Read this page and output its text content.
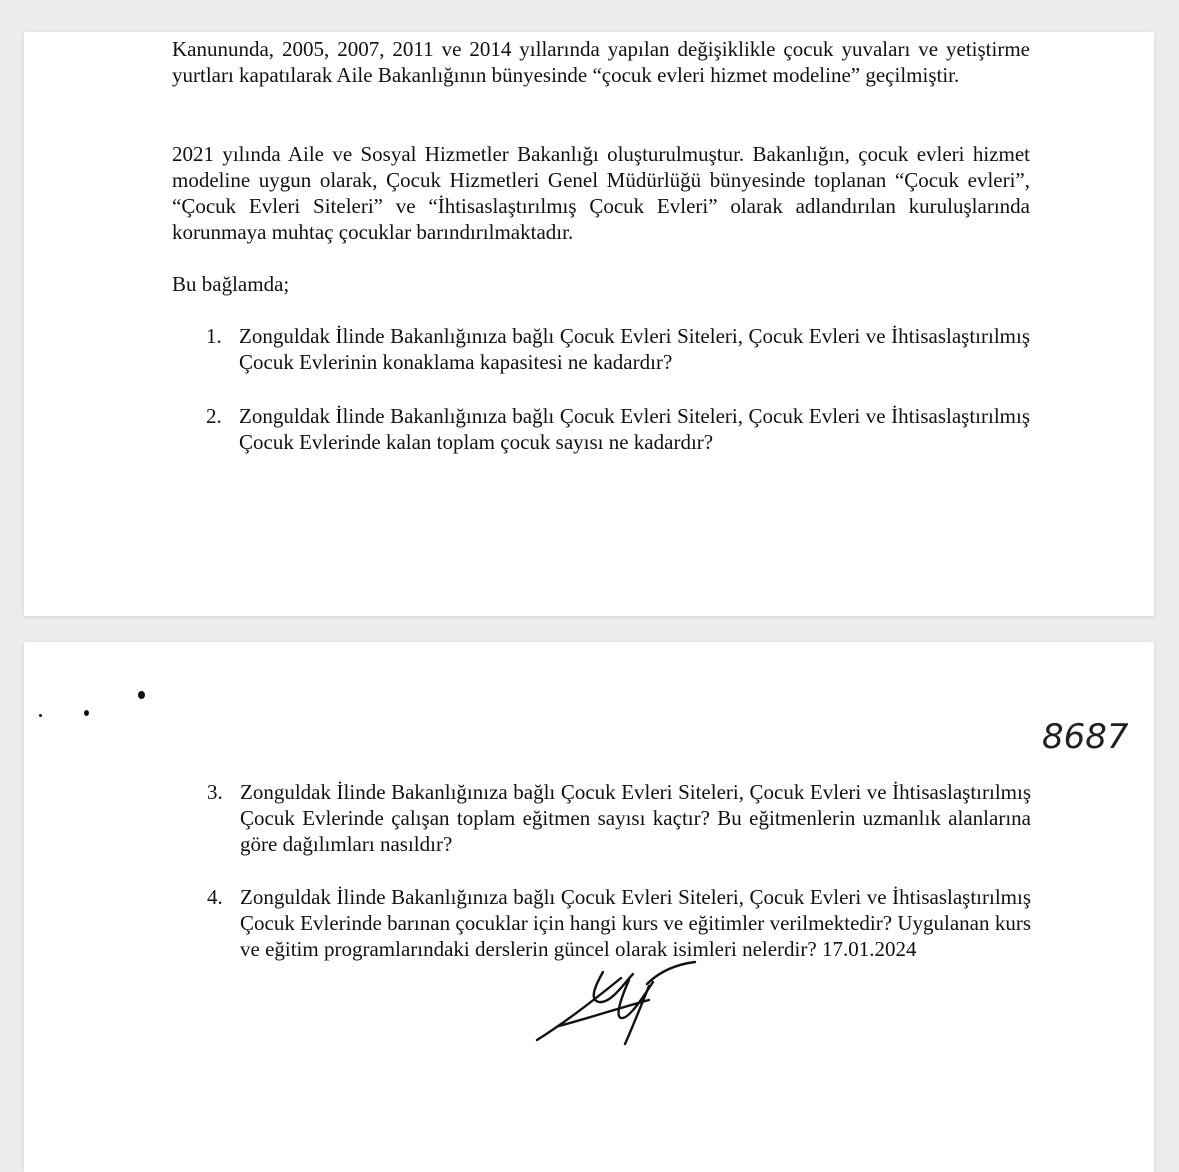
Kanununda, 2005, 2007, 2011 ve 2014 yıllarında yapılan değişiklikle çocuk yuvaları ve yetiştirme yurtları kapatılarak Aile Bakanlığının bünyesinde “çocuk evleri hizmet modeline” geçilmiştir.

2021 yılında Aile ve Sosyal Hizmetler Bakanlığı oluşturulmuştur. Bakanlığın, çocuk evleri hizmet modeline uygun olarak, Çocuk Hizmetleri Genel Müdürlüğü bünyesinde toplanan “Çocuk evleri”, “Çocuk Evleri Siteleri” ve “İhtisaslaştırılmış Çocuk Evleri” olarak adlandırılan kuruluşlarında korunmaya muhtaç çocuklar barındırılmaktadır.

Bu bağlamda;

1. Zonguldak İlinde Bakanlığınıza bağlı Çocuk Evleri Siteleri, Çocuk Evleri ve İhtisaslaştırılmış Çocuk Evlerinin konaklama kapasitesi ne kadardır?
2. Zonguldak İlinde Bakanlığınıza bağlı Çocuk Evleri Siteleri, Çocuk Evleri ve İhtisaslaştırılmış Çocuk Evlerinde kalan toplam çocuk sayısı ne kadardır?
8687
3. Zonguldak İlinde Bakanlığınıza bağlı Çocuk Evleri Siteleri, Çocuk Evleri ve İhtisaslaştırılmış Çocuk Evlerinde çalışan toplam eğitmen sayısı kaçtır? Bu eğitmenlerin uzmanlık alanlarına göre dağılımları nasıldır?
4. Zonguldak İlinde Bakanlığınıza bağlı Çocuk Evleri Siteleri, Çocuk Evleri ve İhtisaslaştırılmış Çocuk Evlerinde barınan çocuklar için hangi kurs ve eğitimler verilmektedir? Uygulanan kurs ve eğitim programlarındaki derslerin güncel olarak isimleri nelerdir? 17.01.2024
